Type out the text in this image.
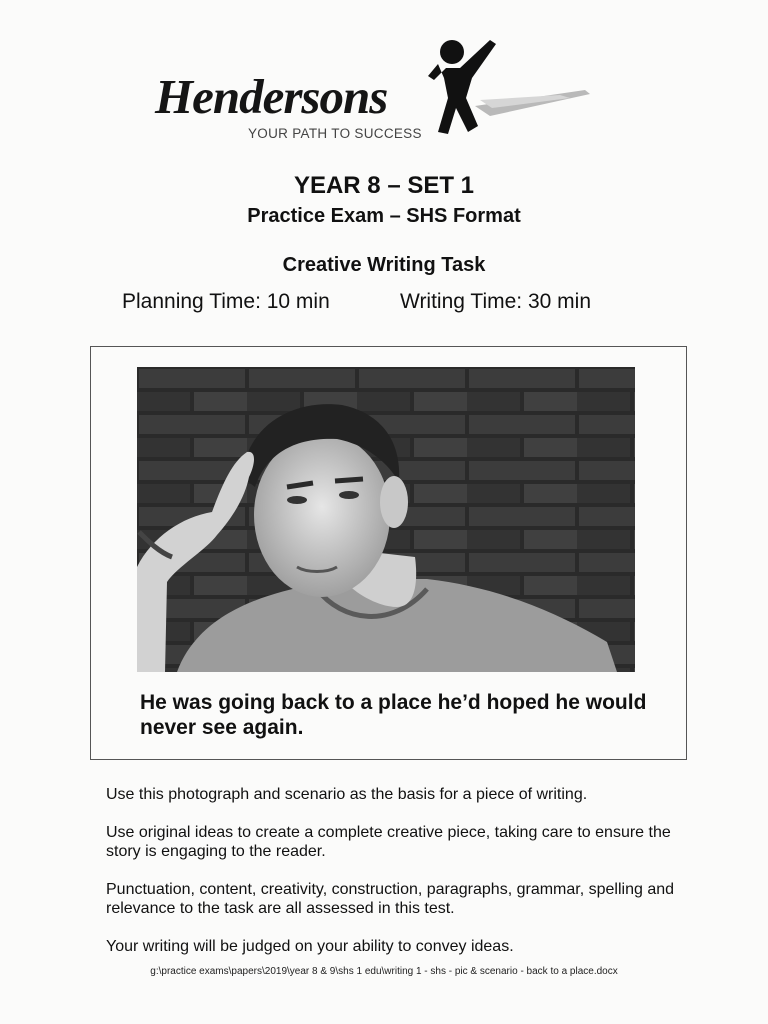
Hendersons
YOUR PATH TO SUCCESS
YEAR 8 – SET 1
Practice Exam – SHS Format
Creative Writing Task
Planning Time: 10 min	Writing Time: 30 min
He was going back to a place he’d hoped he would never see again.
Use this photograph and scenario as the basis for a piece of writing.
Use original ideas to create a complete creative piece, taking care to ensure the story is engaging to the reader.
Punctuation, content, creativity, construction, paragraphs, grammar, spelling and relevance to the task are all assessed in this test.
Your writing will be judged on your ability to convey ideas.
g:\practice exams\papers\2019\year 8 & 9\shs 1 edu\writing 1 - shs - pic & scenario - back to a place.docx
